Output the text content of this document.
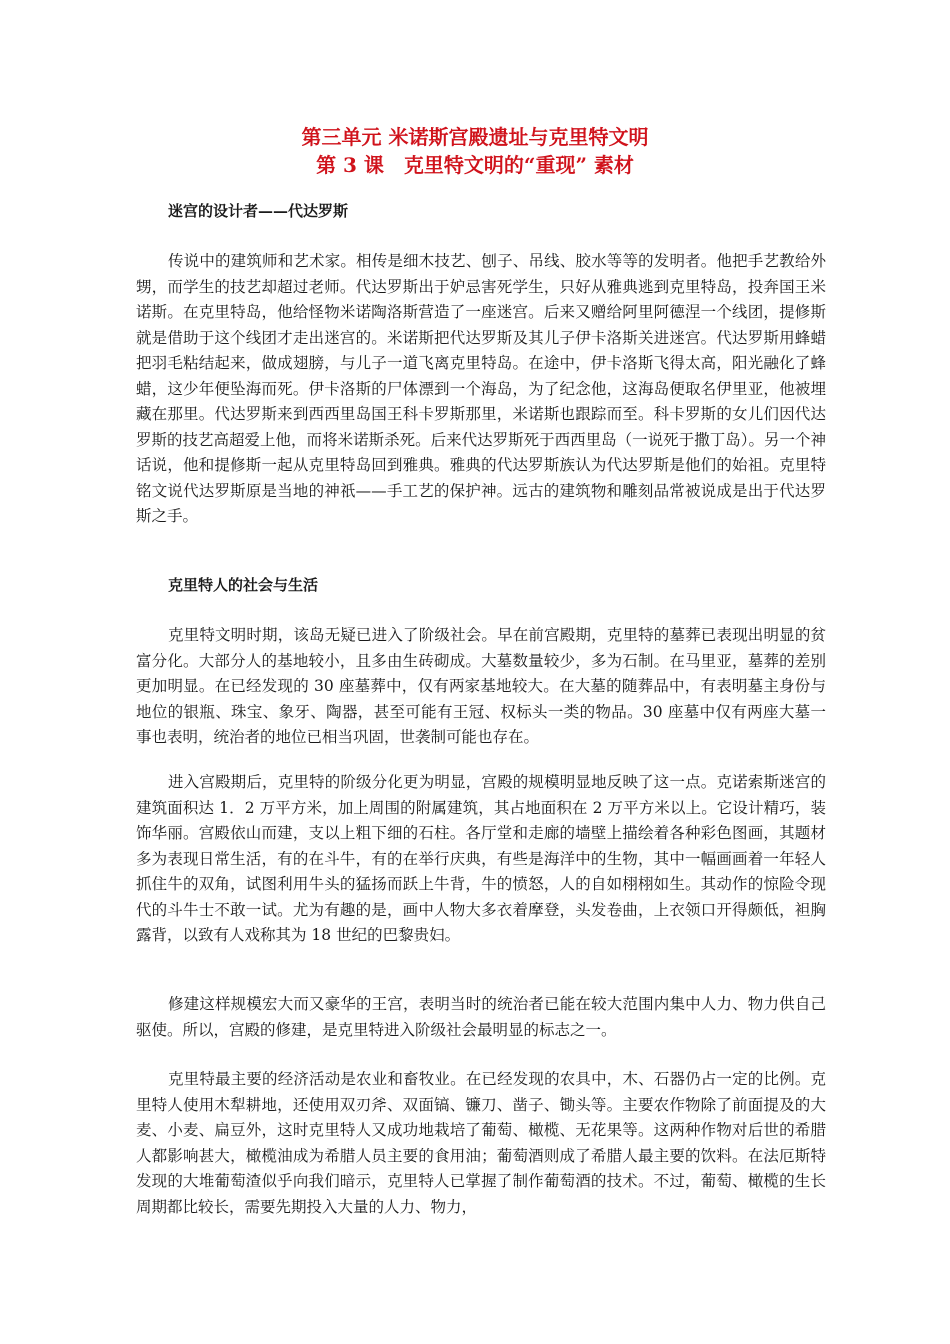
第三单元 米诺斯宫殿遗址与克里特文明
第 3 课　克里特文明的“重现” 素材
迷宫的设计者——代达罗斯

传说中的建筑师和艺术家。相传是细木技艺、刨子、吊线、胶水等等的发明者。他把手艺教给外甥，而学生的技艺却超过老师。代达罗斯出于妒忌害死学生，只好从雅典逃到克里特岛，投奔国王米诺斯。在克里特岛，他给怪物米诺陶洛斯营造了一座迷宫。后来又赠给阿里阿德涅一个线团，提修斯就是借助于这个线团才走出迷宫的。米诺斯把代达罗斯及其儿子伊卡洛斯关进迷宫。代达罗斯用蜂蜡把羽毛粘结起来，做成翅膀，与儿子一道飞离克里特岛。在途中，伊卡洛斯飞得太高，阳光融化了蜂蜡，这少年便坠海而死。伊卡洛斯的尸体漂到一个海岛，为了纪念他，这海岛便取名伊里亚，他被埋藏在那里。代达罗斯来到西西里岛国王科卡罗斯那里，米诺斯也跟踪而至。科卡罗斯的女儿们因代达罗斯的技艺高超爱上他，而将米诺斯杀死。后来代达罗斯死于西西里岛（一说死于撒丁岛）。另一个神话说，他和提修斯一起从克里特岛回到雅典。雅典的代达罗斯族认为代达罗斯是他们的始祖。克里特铭文说代达罗斯原是当地的神祇——手工艺的保护神。远古的建筑物和雕刻品常被说成是出于代达罗斯之手。

克里特人的社会与生活

克里特文明时期，该岛无疑已进入了阶级社会。早在前宫殿期，克里特的墓葬已表现出明显的贫富分化。大部分人的基地较小，且多由生砖砌成。大墓数量较少，多为石制。在马里亚，墓葬的差别更加明显。在已经发现的 30 座墓葬中，仅有两家基地较大。在大墓的随葬品中，有表明墓主身份与地位的银瓶、珠宝、象牙、陶器，甚至可能有王冠、权标头一类的物品。30 座墓中仅有两座大墓一事也表明，统治者的地位已相当巩固，世袭制可能也存在。

进入宫殿期后，克里特的阶级分化更为明显，宫殿的规模明显地反映了这一点。克诺索斯迷宫的建筑面积达 1．2 万平方米，加上周围的附属建筑，其占地面积在 2 万平方米以上。它设计精巧，装饰华丽。宫殿依山而建，支以上粗下细的石柱。各厅堂和走廊的墙壁上描绘着各种彩色图画，其题材多为表现日常生活，有的在斗牛，有的在举行庆典，有些是海洋中的生物，其中一幅画画着一年轻人抓住牛的双角，试图利用牛头的猛扬而跃上牛背，牛的愤怒，人的自如栩栩如生。其动作的惊险令现代的斗牛士不敢一试。尤为有趣的是，画中人物大多衣着摩登，头发卷曲，上衣领口开得颇低，袒胸露背，以致有人戏称其为 18 世纪的巴黎贵妇。

修建这样规模宏大而又豪华的王宫，表明当时的统治者已能在较大范围内集中人力、物力供自己驱使。所以，宫殿的修建，是克里特进入阶级社会最明显的标志之一。

克里特最主要的经济活动是农业和畜牧业。在已经发现的农具中，木、石器仍占一定的比例。克里特人使用木犁耕地，还使用双刃斧、双面镐、镰刀、凿子、锄头等。主要农作物除了前面提及的大麦、小麦、扁豆外，这时克里特人又成功地栽培了葡萄、橄榄、无花果等。这两种作物对后世的希腊人都影响甚大，橄榄油成为希腊人员主要的食用油；葡萄酒则成了希腊人最主要的饮料。在法厄斯特发现的大堆葡萄渣似乎向我们暗示，克里特人已掌握了制作葡萄酒的技术。不过，葡萄、橄榄的生长周期都比较长，需要先期投入大量的人力、物力，
